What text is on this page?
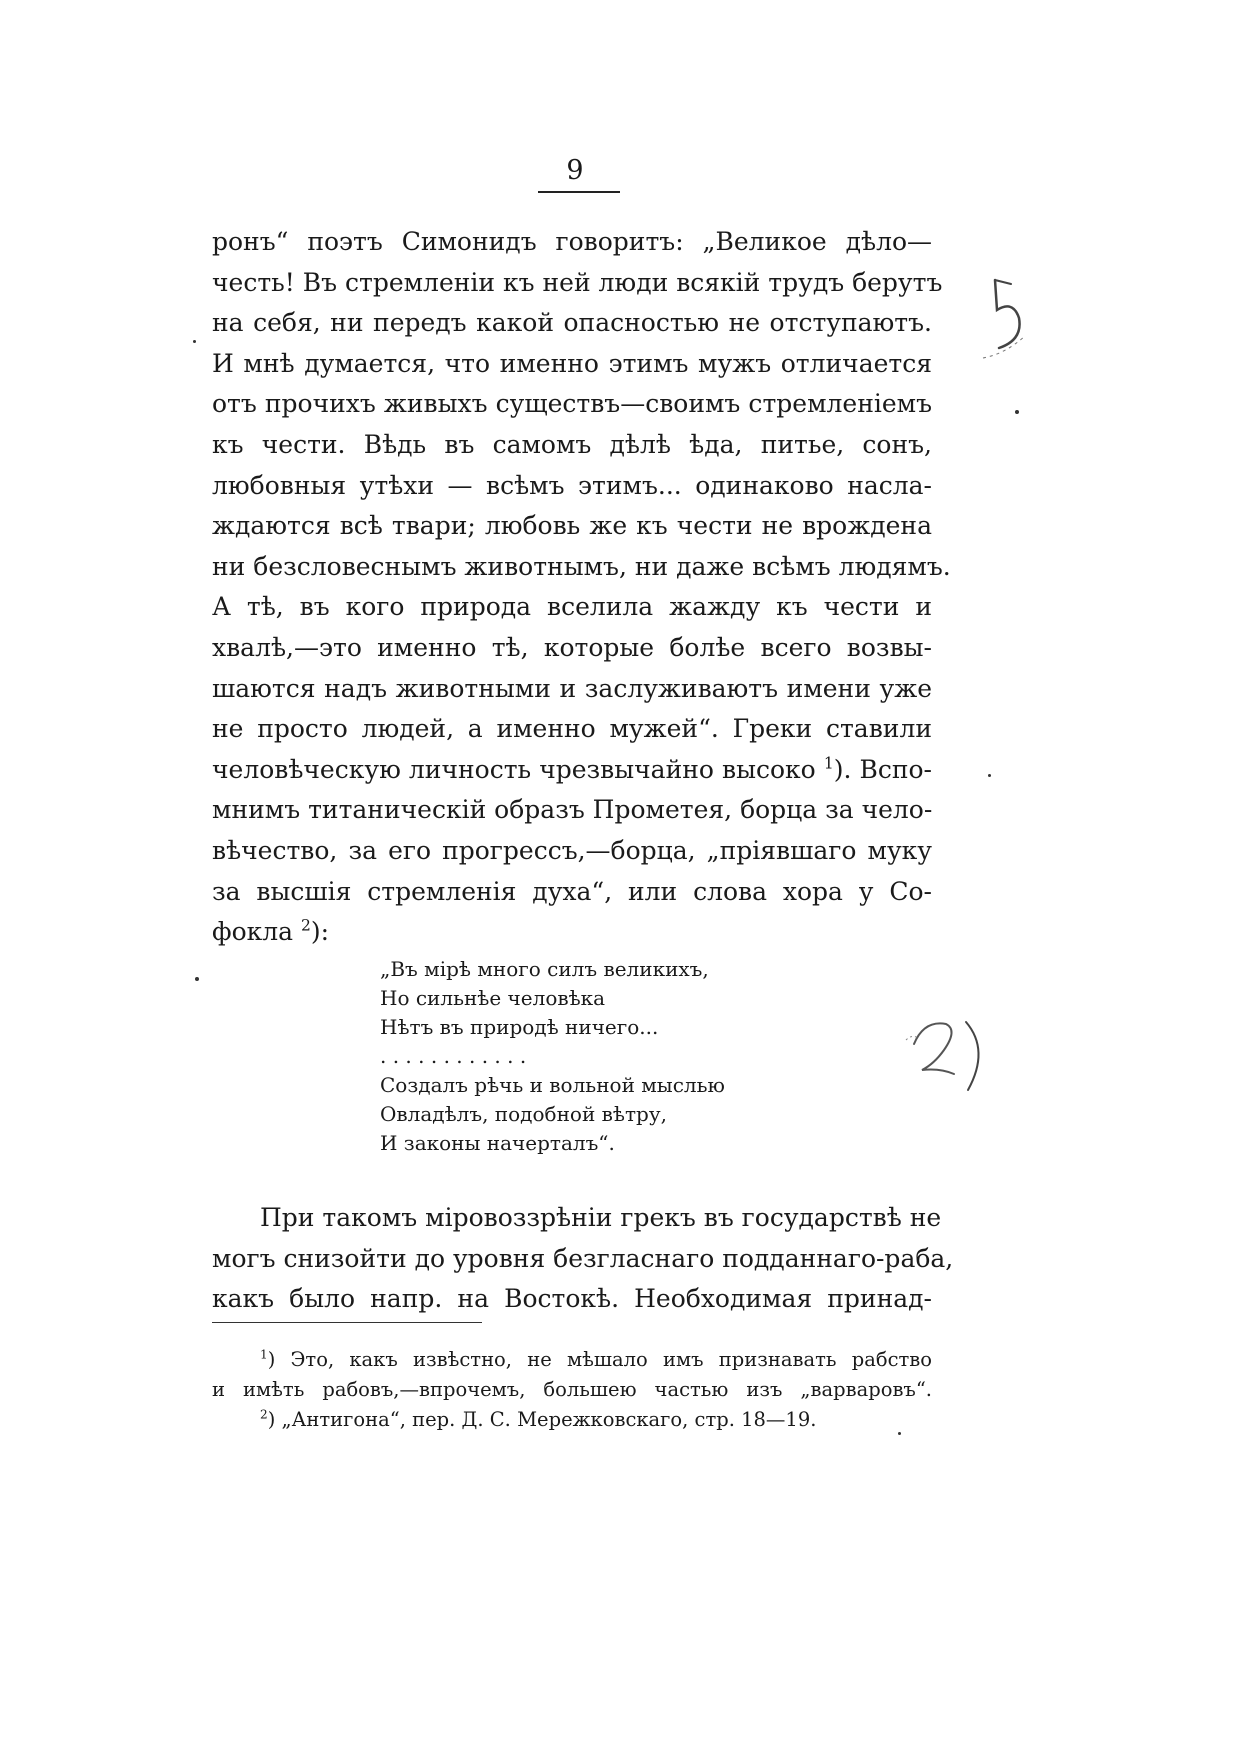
9
ронъ“ поэтъ Симонидъ говоритъ: „Великое дѣло—
честь! Въ стремленіи къ ней люди всякій трудъ берутъ
на себя, ни передъ какой опасностью не отступаютъ.
И мнѣ думается, что именно этимъ мужъ отличается
отъ прочихъ живыхъ существъ—своимъ стремленіемъ
къ чести. Вѣдь въ самомъ дѣлѣ ѣда, питье, сонъ,
любовныя утѣхи — всѣмъ этимъ... одинаково насла-
ждаются всѣ твари; любовь же къ чести не врождена
ни безсловеснымъ животнымъ, ни даже всѣмъ людямъ.
А тѣ, въ кого природа вселила жажду къ чести и
хвалѣ,—это именно тѣ, которые болѣе всего возвы-
шаются надъ животными и заслуживаютъ имени уже
не просто людей, а именно мужей“. Греки ставили
человѣческую личность чрезвычайно высоко $^1$). Вспо-
мнимъ титаническій образъ Прометея, борца за чело-
вѣчество, за его прогрессъ,—борца, „пріявшаго муку
за высшія стремленія духа“, или слова хора у Со-
фокла $^2$):
„Въ мірѣ много силъ великихъ,
Но сильнѣе человѣка
Нѣтъ въ природѣ ничего...
. . . . . . . . . . . .
Создалъ рѣчь и вольной мыслью
Овладѣлъ, подобной вѣтру,
И законы начерталъ“.
При такомъ міровоззрѣніи грекъ въ государствѣ не
могъ снизойти до уровня безгласнаго подданнаго-раба,
какъ было напр. на Востокѣ. Необходимая принад-
$^1$) Это, какъ извѣстно, не мѣшало имъ признавать рабство
и имѣть рабовъ,—впрочемъ, большею частью изъ „варваровъ“.
$^2$) „Антигона“, пер. Д. С. Мережковскаго, стр. 18—19.
5
2)
